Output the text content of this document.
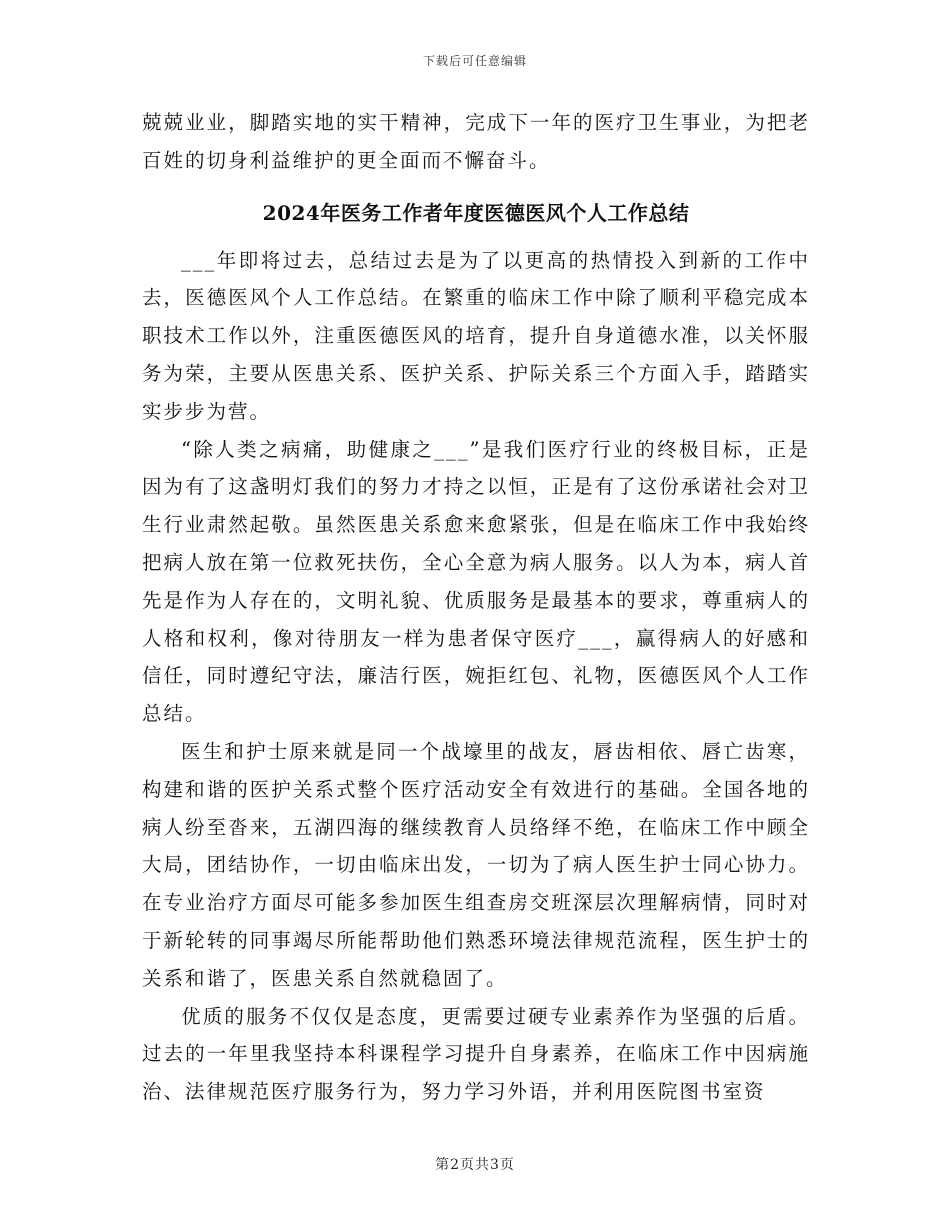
下载后可任意编辑

兢兢业业，脚踏实地的实干精神，完成下一年的医疗卫生事业，为把老百姓的切身利益维护的更全面而不懈奋斗。

2024年医务工作者年度医德医风个人工作总结

___年即将过去，总结过去是为了以更高的热情投入到新的工作中去，医德医风个人工作总结。在繁重的临床工作中除了顺利平稳完成本职技术工作以外，注重医德医风的培育，提升自身道德水准，以关怀服务为荣，主要从医患关系、医护关系、护际关系三个方面入手，踏踏实实步步为营。

“除人类之病痛，助健康之___”是我们医疗行业的终极目标，正是因为有了这盏明灯我们的努力才持之以恒，正是有了这份承诺社会对卫生行业肃然起敬。虽然医患关系愈来愈紧张，但是在临床工作中我始终把病人放在第一位救死扶伤，全心全意为病人服务。以人为本，病人首先是作为人存在的，文明礼貌、优质服务是最基本的要求，尊重病人的人格和权利，像对待朋友一样为患者保守医疗___，赢得病人的好感和信任，同时遵纪守法，廉洁行医，婉拒红包、礼物，医德医风个人工作总结。

医生和护士原来就是同一个战壕里的战友，唇齿相依、唇亡齿寒，构建和谐的医护关系式整个医疗活动安全有效进行的基础。全国各地的病人纷至沓来，五湖四海的继续教育人员络绎不绝，在临床工作中顾全大局，团结协作，一切由临床出发，一切为了病人医生护士同心协力。在专业治疗方面尽可能多参加医生组查房交班深层次理解病情，同时对于新轮转的同事竭尽所能帮助他们熟悉环境法律规范流程，医生护士的关系和谐了，医患关系自然就稳固了。

优质的服务不仅仅是态度，更需要过硬专业素养作为坚强的后盾。过去的一年里我坚持本科课程学习提升自身素养，在临床工作中因病施治、法律规范医疗服务行为，努力学习外语，并利用医院图书室资

第2页共3页
